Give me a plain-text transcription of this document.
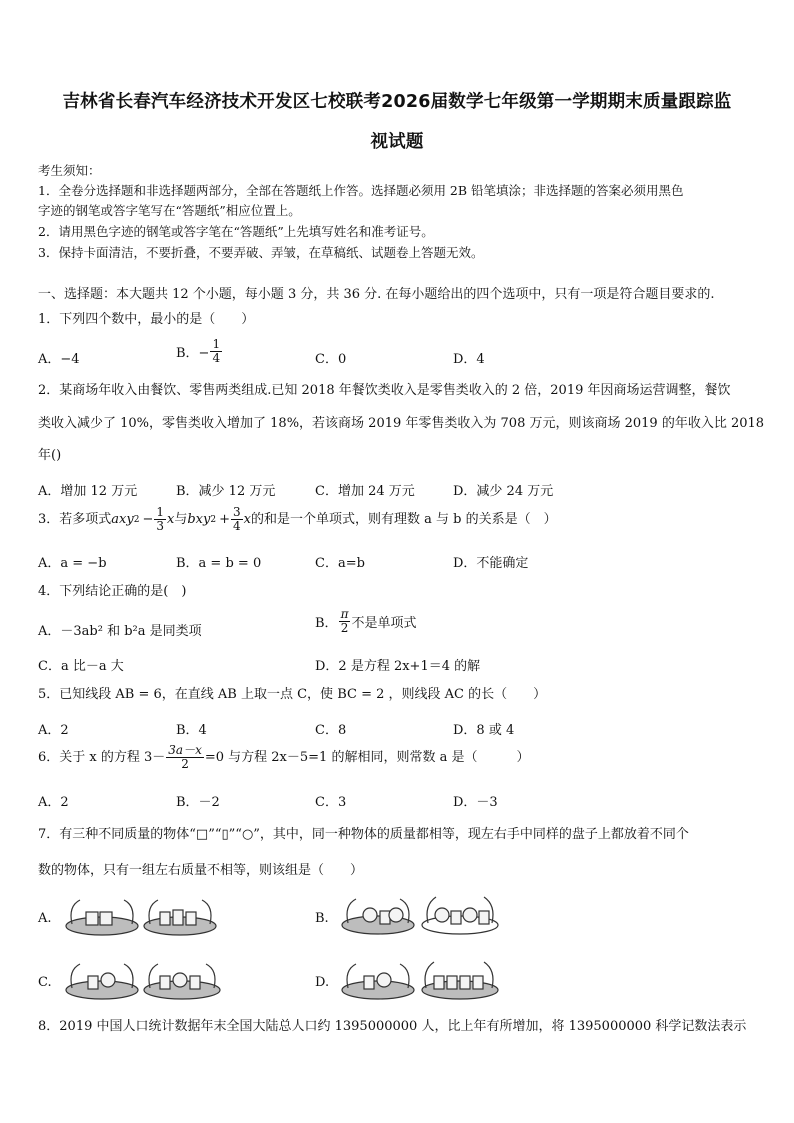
吉林省长春汽车经济技术开发区七校联考2026届数学七年级第一学期期末质量跟踪监
视试题
考生须知：
1．全卷分选择题和非选择题两部分，全部在答题纸上作答。选择题必须用 2B 铅笔填涂；非选择题的答案必须用黑色
字迹的钢笔或答字笔写在“答题纸”相应位置上。
2．请用黑色字迹的钢笔或答字笔在“答题纸”上先填写姓名和准考证号。
3．保持卡面清洁，不要折叠，不要弄破、弄皱，在草稿纸、试题卷上答题无效。
一、选择题：本大题共 12 个小题，每小题 3 分，共 36 分. 在每小题给出的四个选项中，只有一项是符合题目要求的.
1．下列四个数中，最小的是（　　）
A．−4	B．− $\frac{1}{4}$	C．0	D．4
2．某商场年收入由餐饮、零售两类组成.已知 2018 年餐饮类收入是零售类收入的 2 倍，2019 年因商场运营调整，餐饮
类收入减少了 10%，零售类收入增加了 18%，若该商场 2019 年零售类收入为 708 万元，则该商场 2019 的年收入比 2018
年()
A．增加 12 万元	B．减少 12 万元	C．增加 24 万元	D．减少 24 万元
3．若多项式 axy $2 - \frac{1}{3}$ x 与 bxy $2 + \frac{3}{4}$ x 的和是一个单项式，则有理数 a 与 b 的关系是（　）
A．a = −b	B．a = b = 0	C．a=b	D．不能确定
4．下列结论正确的是(　)
A．－3ab² 和 b²a 是同类项
B． $\frac{\pi}{2}$ 不是单项式
C．a 比－a 大	D．2 是方程 2x+1＝4 的解
5．已知线段 AB = 6，在直线 AB 上取一点 C，使 BC = 2 ，则线段 AC 的长（　　）
A．2	B．4	C．8	D．8 或 4
6．关于 x 的方程 $3- \frac{3a-x}{2} =0$ 与方程 2x－5=1 的解相同，则常数 a 是（　　　）
A．2	B．－2	C．3	D．－3
7．有三种不同质量的物体“□”“▯”“○”，其中，同一种物体的质量都相等，现左右手中同样的盘子上都放着不同个
数的物体，只有一组左右质量不相等，则该组是（　　）
A.	B.
C.	D.
8．2019 中国人口统计数据年末全国大陆总人口约 1395000000 人，比上年有所增加，将 1395000000 科学记数法表示
